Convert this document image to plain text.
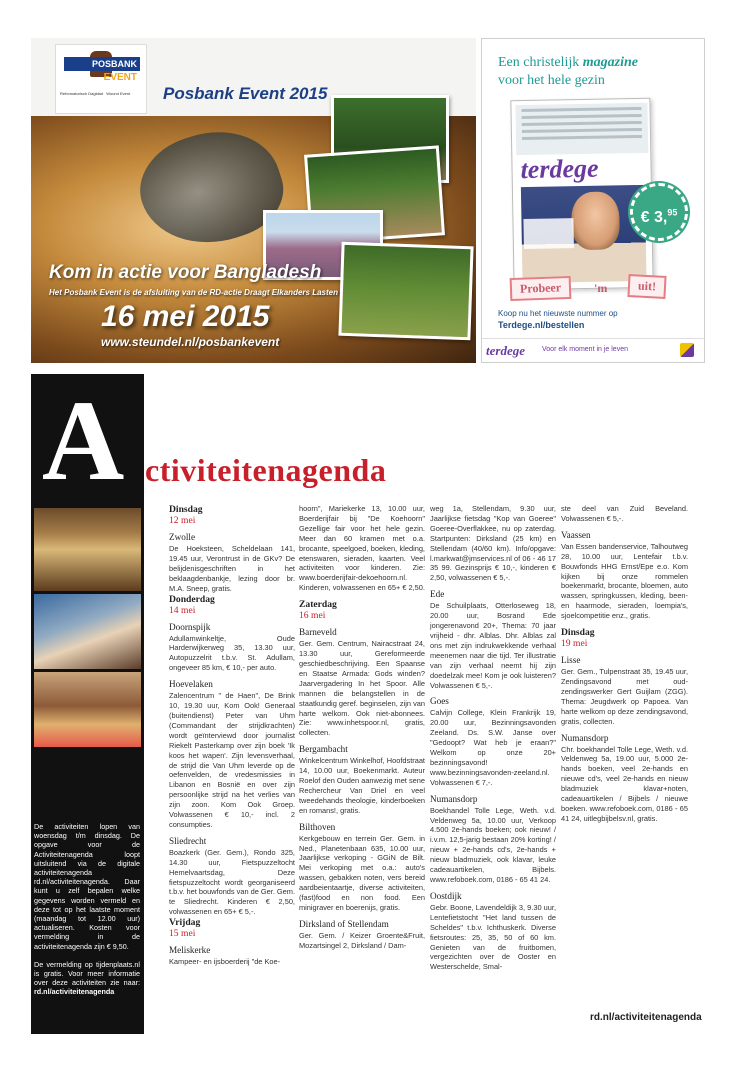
POSBANK
EVENT
Reformatorisch Dagblad Wound Event	Posbank Event 2015
Kom in actie voor Bangladesh
Het Posbank Event is de afsluiting van de RD-actie Draagt Elkanders Lasten
16 mei 2015
www.steundel.nl/posbankevent
Een christelijk magazine
voor het hele gezin
terdege
€ 3,95
Probeer	'm	uit!
Koop nu het nieuwste nummer op
Terdege.nl/bestellen
terdege Voor elk moment in je leven

De activiteiten lopen van woensdag t/m dinsdag. De opgave voor de Activiteitenagenda loopt uitsluitend via de digitale activiteitenagenda rd.nl/activiteitenagenda. Daar kunt u zelf bepalen welke gegevens worden vermeld en deze tot op het laatste moment (maandag tot 12.00 uur) actualiseren. Kosten voor vermelding in de activiteitenagenda zijn € 9,50.

De vermelding op tijdenplaats.nl is gratis. Voor meer informatie over deze activiteiten zie naar: rd.nl/activiteitenagenda

A ctiviteitenagenda
Dinsdag
12 mei
Zwolle
De Hoeksteen, Scheldelaan 141, 19.45 uur, Verontrust in de GKv? De belijdenisgeschriften in het beklaagdenbankje, lezing door br. M.A. Sneep, gratis.
Donderdag
14 mei
Doornspijk
Adullamwinkeltje, Oude Harderwijkerweg 35, 13.30 uur, Autopuzzelrit t.b.v. St. Adullam, ongeveer 85 km, € 10,- per auto.
Hoevelaken
Zalencentrum " de Haen", De Brink 10, 19.30 uur, Kom Ook! Generaal (buitendienst) Peter van Uhm (Commandant der strijdkrachten) wordt geïnterviewd door journalist Riekelt Pasterkamp over zijn boek 'Ik koos het wapen'. Zijn levensverhaal, de strijd die Van Uhm leverde op de oefenvelden, de vredesmissies in Libanon en Bosnië en over zijn persoonlijke strijd na het verlies van zijn zoon. Kom Ook Groep. Volwassenen € 10,- incl. 2 consumpties.
Sliedrecht
Boazkerk (Ger. Gem.), Rondo 325, 14.30 uur, Fietspuzzeltocht Hemelvaartsdag, Deze fietspuzzeltocht wordt georganiseerd t.b.v. het bouwfonds van de Ger. Gem. te Sliedrecht. Kinderen € 2,50, volwassenen en 65+ € 5,-.
Vrijdag
15 mei
Meliskerke
Kampeer- en ijsboerderij "de Koe-
hoorn", Mariekerke 13, 10.00 uur, Boerderijfair bij "De Koehoorn" Gezellige fair voor het hele gezin. Meer dan 60 kramen met o.a. brocante, speelgoed, boeken, kleding, etenswaren, sieraden, kaarten. Veel activiteiten voor kinderen. Zie: www.boerderijfair-dekoehoorn.nl. Kinderen, volwassenen en 65+ € 2,50.
Zaterdag
16 mei
Barneveld
Ger. Gem. Centrum, Nairacstraat 24, 13.30 uur, Gereformeerde geschiedbeschrijving. Een Spaanse en Staatse Armada: Gods winden? Jaarvergadering In het Spoor. Alle mannen die belangstellen in de staatkundig geref. beginselen, zijn van harte welkom. Ook niet-abonnees. Zie: www.inhetspoor.nl, gratis, collecten.
Bergambacht
Winkelcentrum Winkelhof, Hoofdstraat 14, 10.00 uur, Boekenmarkt. Auteur Roelof den Ouden aanwezig met sene Rechercheur Van Driel en veel tweedehands theologie, kinderboeken en romans!, gratis.
Bilthoven
Kerkgebouw en terrein Ger. Gem. in Ned., Planetenbaan 635, 10.00 uur, Jaarlijkse verkoping - GGiN de Bilt. Mei verkoping met o.a.: auto's wassen, gebakken noten, vers bereid aardbeientaartje, diverse activiteiten, (fast)food en non food. Een minigraver en boerenijs, gratis.
Dirksland of Stellendam
Ger. Gem. / Keizer Groente&Fruit, Mozartsingel 2, Dirksland / Dam-
weg 1a, Stellendam, 9.30 uur, Jaarlijkse fietsdag "Kop van Goeree" Goeree-Overflakkee, nu op zaterdag. Startpunten: Dirksland (25 km) en Stellendam (40/60 km). Info/opgave: l.markwat@jmservices.nl of 06 - 46 17 35 99. Gezinsprijs € 10,-, kinderen € 2,50, volwassenen € 5,-.
Ede
De Schuilplaats, Otterloseweg 18, 20.00 uur, Bosrand Ede jongerenavond 20+, Thema: 70 jaar vrijheid - dhr. Alblas. Dhr. Alblas zal ons met zijn indrukwekkende verhaal meenemen naar die tijd. Ter illustratie van zijn verhaal neemt hij zijn doedelzak mee! Kom je ook luisteren? Volwassenen € 5,-.
Goes
Calvijn College, Klein Frankrijk 19, 20.00 uur, Bezinningsavonden Zeeland. Ds. S.W. Janse over "Gedoopt? Wat heb je eraan?" Welkom op onze 20+ bezinningsavond! www.bezinningsavonden-zeeland.nl. Volwassenen € 7,-.
Numansdorp
Boekhandel Tolle Lege, Weth. v.d. Veldenweg 5a, 10.00 uur, Verkoop 4.500 2e-hands boeken; ook nieuw! / i.v.m. 12,5-jarig bestaan 20% korting! / nieuw + 2e-hands cd's, 2e-hands + nieuw bladmuziek, ook klavar, leuke cadeauartikelen, Bijbels. www.refoboek.com, 0186 - 65 41 24.
Oostdijk
Gebr. Boone, Lavendeldijk 3, 9.30 uur, Lentefietstocht "Het land tussen de Scheldes" t.b.v. Ichthuskerk. Diverse fietsroutes: 25, 35, 50 of 60 km. Genieten van de fruitbomen, vergezichten over de Ooster en Westerschelde, Smal-
ste deel van Zuid Beveland. Volwassenen € 5,-.
Vaassen
Van Essen bandenservice, Talhoutweg 28, 10.00 uur, Lentefair t.b.v. Bouwfonds HHG Ernst/Epe e.o. Kom kijken bij onze rommelen boekenmarkt, brocante, bloemen, auto wassen, springkussen, kleding, been- en haarmode, sieraden, loempia's, sjoelcompetitie enz., gratis.
Dinsdag
19 mei
Lisse
Ger. Gem., Tulpenstraat 35, 19.45 uur, Zendingsavond met oud-zendingswerker Gert Guijlam (ZGG). Thema: Jeugdwerk op Papoea. Van harte welkom op deze zendingsavond, gratis, collecten.
Numansdorp
Chr. boekhandel Tolle Lege, Weth. v.d. Veldenweg 5a, 19.00 uur, 5.000 2e-hands boeken, veel 2e-hands en nieuwe cd's, veel 2e-hands en nieuw bladmuziek klavar+noten, cadeauartikelen / Bijbels / nieuwe boeken. www.refoboek.com, 0186 - 65 41 24, uitlegbijbelsv.nl, gratis.
rd.nl/activiteitenagenda
